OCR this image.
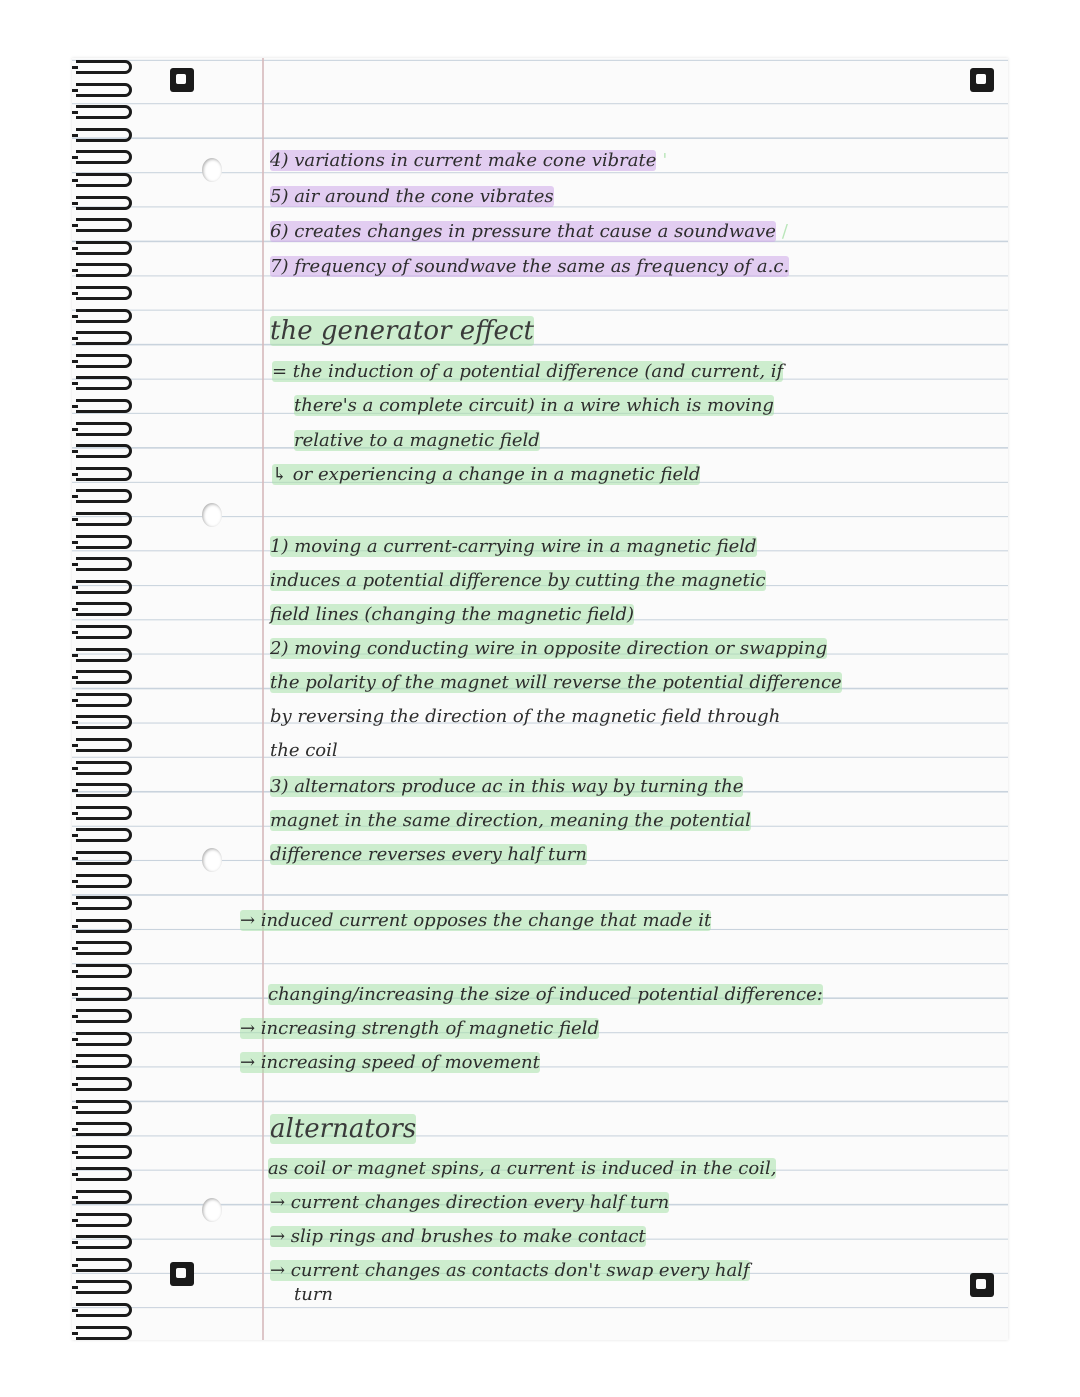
4) variations in current make cone vibrate '
5) air around the cone vibrates
6) creates changes in pressure that cause a soundwave /
7) frequency of soundwave the same as frequency of a.c.
the generator effect
= the induction of a potential difference (and current, if
there's a complete circuit) in a wire which is moving
relative to a magnetic field
↳ or experiencing a change in a magnetic field
1) moving a current-carrying wire in a magnetic field
induces a potential difference by cutting the magnetic
field lines (changing the magnetic field)
2) moving conducting wire in opposite direction or swapping
the polarity of the magnet will reverse the potential difference
by reversing the direction of the magnetic field through
the coil
3) alternators produce ac in this way by turning the
magnet in the same direction, meaning the potential
difference reverses every half turn
→ induced current opposes the change that made it
changing/increasing the size of induced potential difference:
→ increasing strength of magnetic field
→ increasing speed of movement
alternators
as coil or magnet spins, a current is induced in the coil,
→ current changes direction every half turn
→ slip rings and brushes to make contact
→ current changes as contacts don't swap every half
turn
